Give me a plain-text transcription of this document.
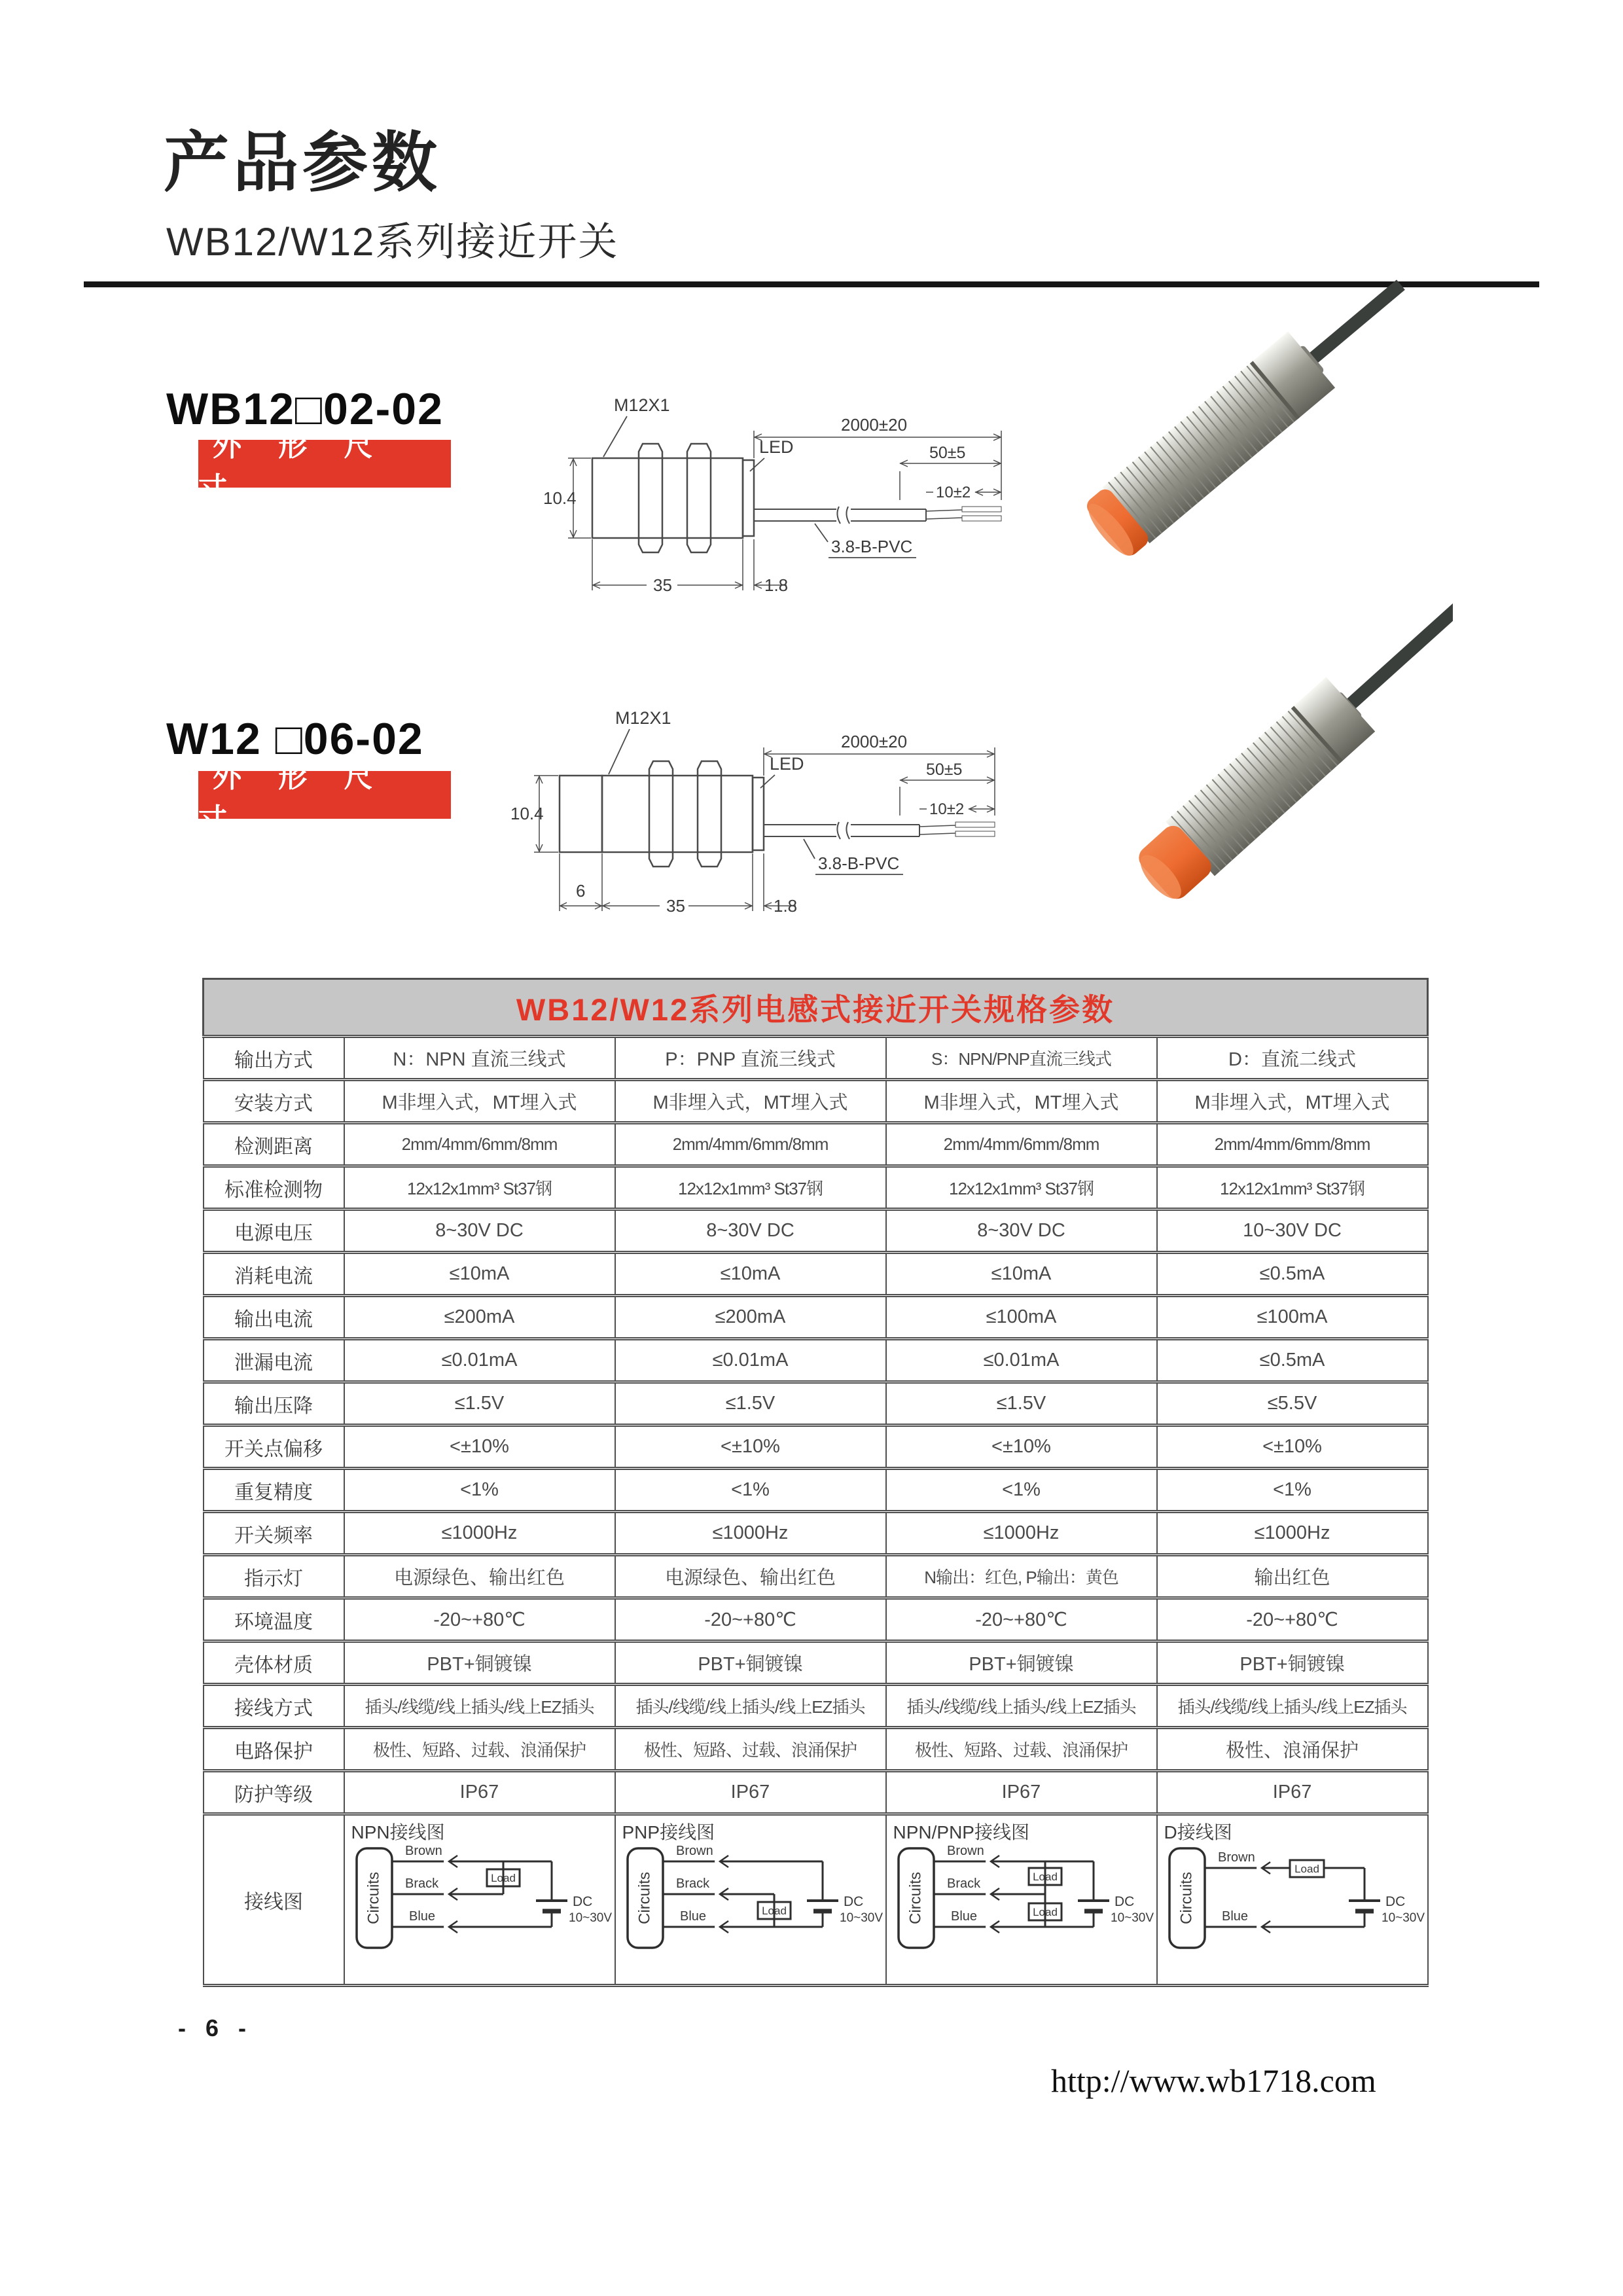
产品参数
WB12/W12系列接近开关
WB12□02-02
外 形 尺 寸
W12 □06-02
外 形 尺 寸
M12X1
LED
10.4
2000±20
50±5
10±2
3.8-B-PVC
35	1.8
M12X1
LED
10.4
2000±20
50±5
10±2
3.8-B-PVC
6
35	1.8
WB12/W12系列电感式接近开关规格参数				
输出方式	N：NPN 直流三线式	P：PNP 直流三线式	S：NPN/PNP直流三线式	D：直流二线式
安装方式	M非埋入式，MT埋入式	M非埋入式，MT埋入式	M非埋入式，MT埋入式	M非埋入式，MT埋入式
检测距离	2mm/4mm/6mm/8mm	2mm/4mm/6mm/8mm	2mm/4mm/6mm/8mm	2mm/4mm/6mm/8mm
标准检测物	12x12x1mm³ St37钢	12x12x1mm³ St37钢	12x12x1mm³ St37钢	12x12x1mm³ St37钢
电源电压	8~30V DC	8~30V DC	8~30V DC	10~30V DC
消耗电流	≤10mA	≤10mA	≤10mA	≤0.5mA
输出电流	≤200mA	≤200mA	≤100mA	≤100mA
泄漏电流	≤0.01mA	≤0.01mA	≤0.01mA	≤0.5mA
输出压降	≤1.5V	≤1.5V	≤1.5V	≤5.5V
开关点偏移	<±10%	<±10%	<±10%	<±10%
重复精度	<1%	<1%	<1%	<1%
开关频率	≤1000Hz	≤1000Hz	≤1000Hz	≤1000Hz
指示灯	电源绿色、输出红色	电源绿色、输出红色	N输出：红色, P输出：黄色	输出红色
环境温度	-20~+80℃	-20~+80℃	-20~+80℃	-20~+80℃
壳体材质	PBT+铜镀镍	PBT+铜镀镍	PBT+铜镀镍	PBT+铜镀镍
接线方式	插头/线缆/线上插头/线上EZ插头	插头/线缆/线上插头/线上EZ插头	插头/线缆/线上插头/线上EZ插头	插头/线缆/线上插头/线上EZ插头
电路保护	极性、短路、过载、浪涌保护	极性、短路、过载、浪涌保护	极性、短路、过载、浪涌保护	极性、浪涌保护
防护等级	IP67	IP67	IP67	IP67
接线图	
NPN接线图
Circuits
Brown
Brack
Blue
Load
DC
10~30V

PNP接线图
Circuits
Brown
Brack
Blue	Load
DC
10~30V

NPN/PNP接线图
Circuits
Brown
Brack
Blue
Load
Load
DC
10~30V

D接线图
Circuits
Brown
Blue
Load
DC
10~30V
- 6 -
http://www.wb1718.com
